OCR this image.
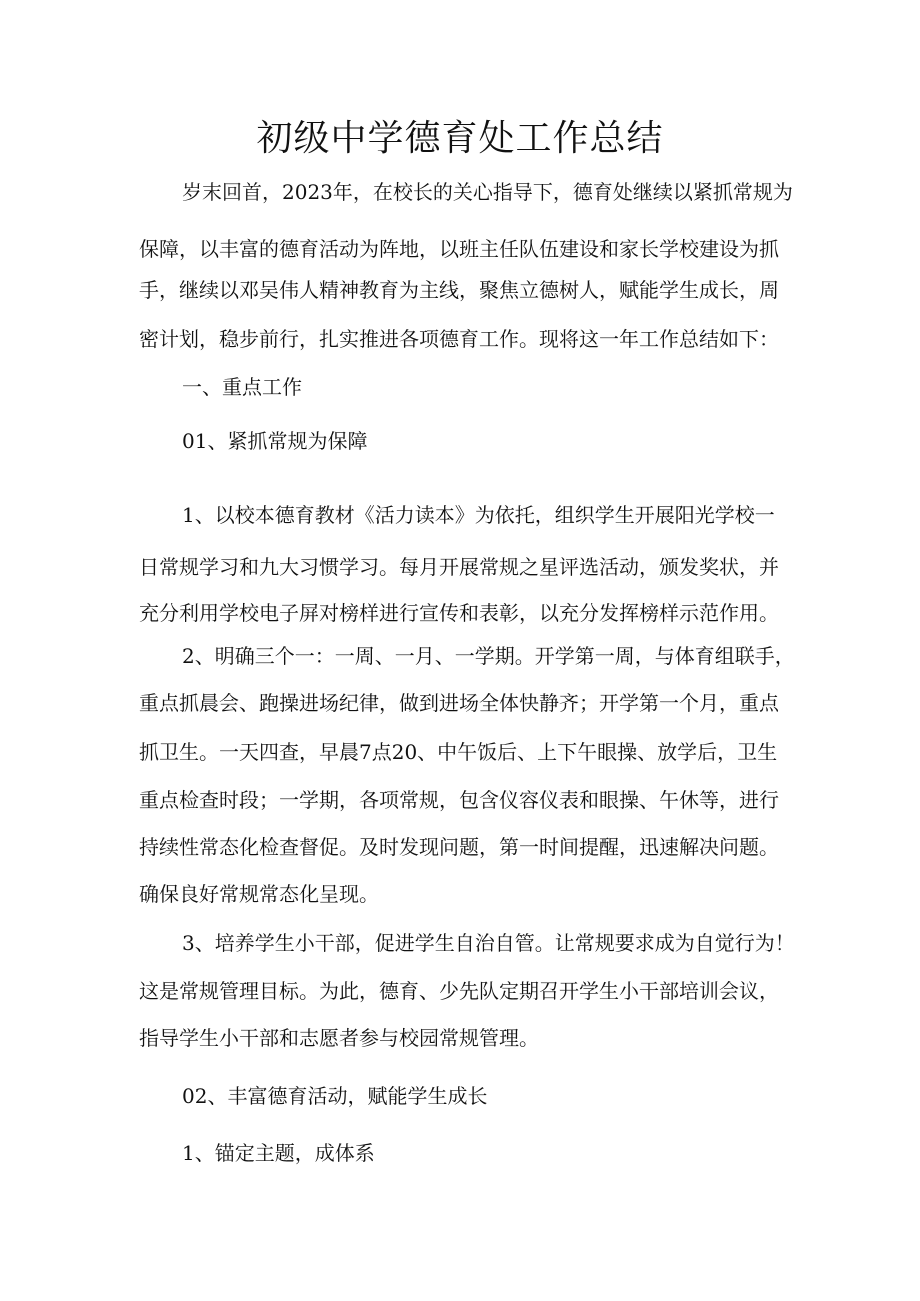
初级中学德育处工作总结

岁末回首，2023年，在校长的关心指导下，德育处继续以紧抓常规为

保障，以丰富的德育活动为阵地，以班主任队伍建设和家长学校建设为抓

手，继续以邓吴伟人精神教育为主线，聚焦立德树人，赋能学生成长，周

密计划，稳步前行，扎实推进各项德育工作。现将这一年工作总结如下：

一、重点工作

01、紧抓常规为保障

1、以校本德育教材《活力读本》为依托，组织学生开展阳光学校一

日常规学习和九大习惯学习。每月开展常规之星评选活动，颁发奖状，并

充分利用学校电子屏对榜样进行宣传和表彰，以充分发挥榜样示范作用。

2、明确三个一：一周、一月、一学期。开学第一周，与体育组联手，

重点抓晨会、跑操进场纪律，做到进场全体快静齐；开学第一个月，重点

抓卫生。一天四查，早晨7点20、中午饭后、上下午眼操、放学后，卫生

重点检查时段；一学期，各项常规，包含仪容仪表和眼操、午休等，进行

持续性常态化检查督促。及时发现问题，第一时间提醒，迅速解决问题。

确保良好常规常态化呈现。

3、培养学生小干部，促进学生自治自管。让常规要求成为自觉行为！

这是常规管理目标。为此，德育、少先队定期召开学生小干部培训会议，

指导学生小干部和志愿者参与校园常规管理。

02、丰富德育活动，赋能学生成长

1、锚定主题，成体系
